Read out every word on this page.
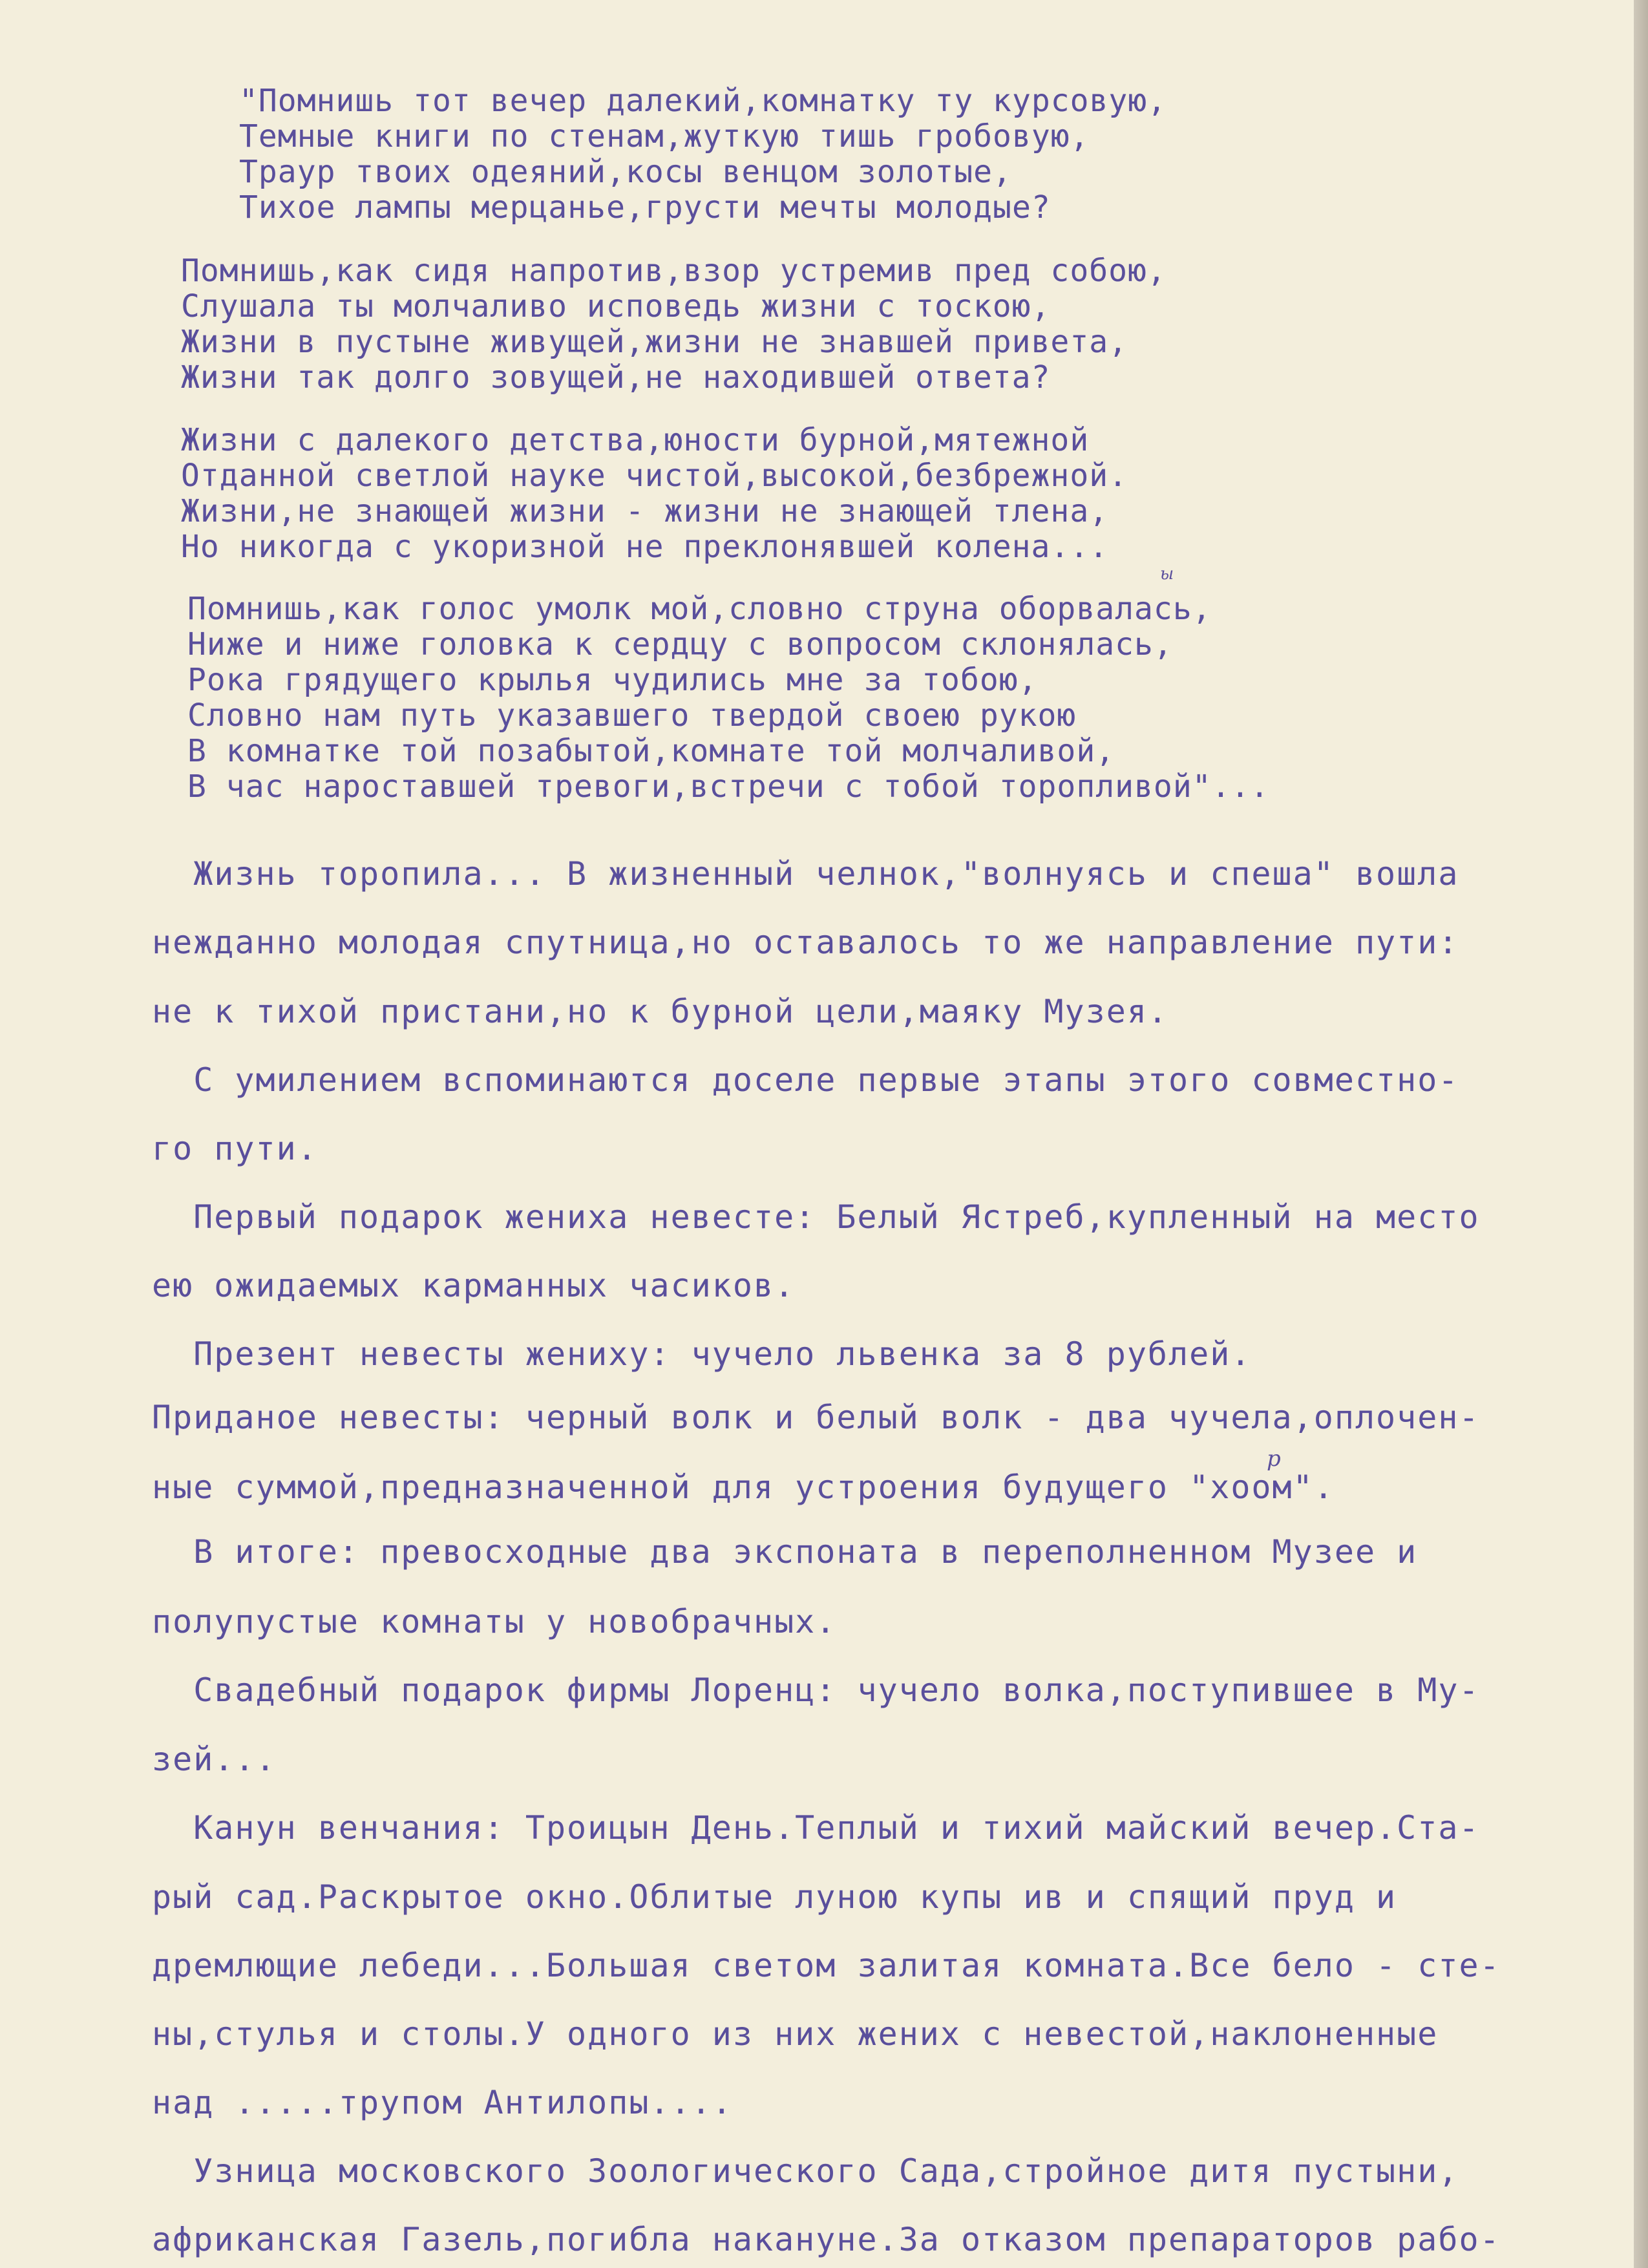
"Помнишь тот вечер далекий,комнатку ту курсовую,
Темные книги по стенам,жуткую тишь гробовую,
Траур твоих одеяний,косы венцом золотые,
Тихое лампы мерцанье,грусти мечты молодые?
Помнишь,как сидя напротив,взор устремив пред собою,
Слушала ты молчаливо исповедь жизни с тоскою,
Жизни в пустыне живущей,жизни не знавшей привета,
Жизни так долго зовущей,не находившей ответа?
Жизни с далекого детства,юности бурной,мятежной
Отданной светлой науке чистой,высокой,безбрежной.
Жизни,не знающей жизни - жизни не знающей тлена,
Но никогда с укоризной не преклонявшей колена...
Помнишь,как голос умолк мой,словно струна оборвалась,
Ниже и ниже головка к сердцу с вопросом склонялась,
Рока грядущего крылья чудились мне за тобою,
Словно нам путь указавшего твердой своею рукою
В комнатке той позабытой,комнате той молчаливой,
В час нароставшей тревоги,встречи с тобой торопливой"...
ы
р
Жизнь торопила... В жизненный челнок,"волнуясь и спеша" вошла
нежданно молодая спутница,но оставалось то же направление пути:
не к тихой пристани,но к бурной цели,маяку Музея.
С умилением вспоминаются доселе первые этапы этого совместно-
го пути.
Первый подарок жениха невесте: Белый Ястреб,купленный на место
ею ожидаемых карманных часиков.
Презент невесты жениху: чучело львенка за 8 рублей.
Приданое невесты: черный волк и белый волк - два чучела,оплочен-
ные суммой,предназначенной для устроения будущего "хоом".
В итоге: превосходные два экспоната в переполненном Музее и
полупустые комнаты у новобрачных.
Свадебный подарок фирмы Лоренц: чучело волка,поступившее в Му-
зей...
Канун венчания: Троицын День.Теплый и тихий майский вечер.Ста-
рый сад.Раскрытое окно.Облитые луною купы ив и спящий пруд и
дремлющие лебеди...Большая светом залитая комната.Все бело - сте-
ны,стулья и столы.У одного из них жених с невестой,наклоненные
над .....трупом Антилопы....
Узница московского Зоологического Сада,стройное дитя пустыни,
африканская Газель,погибла накануне.За отказом препараторов рабо-
